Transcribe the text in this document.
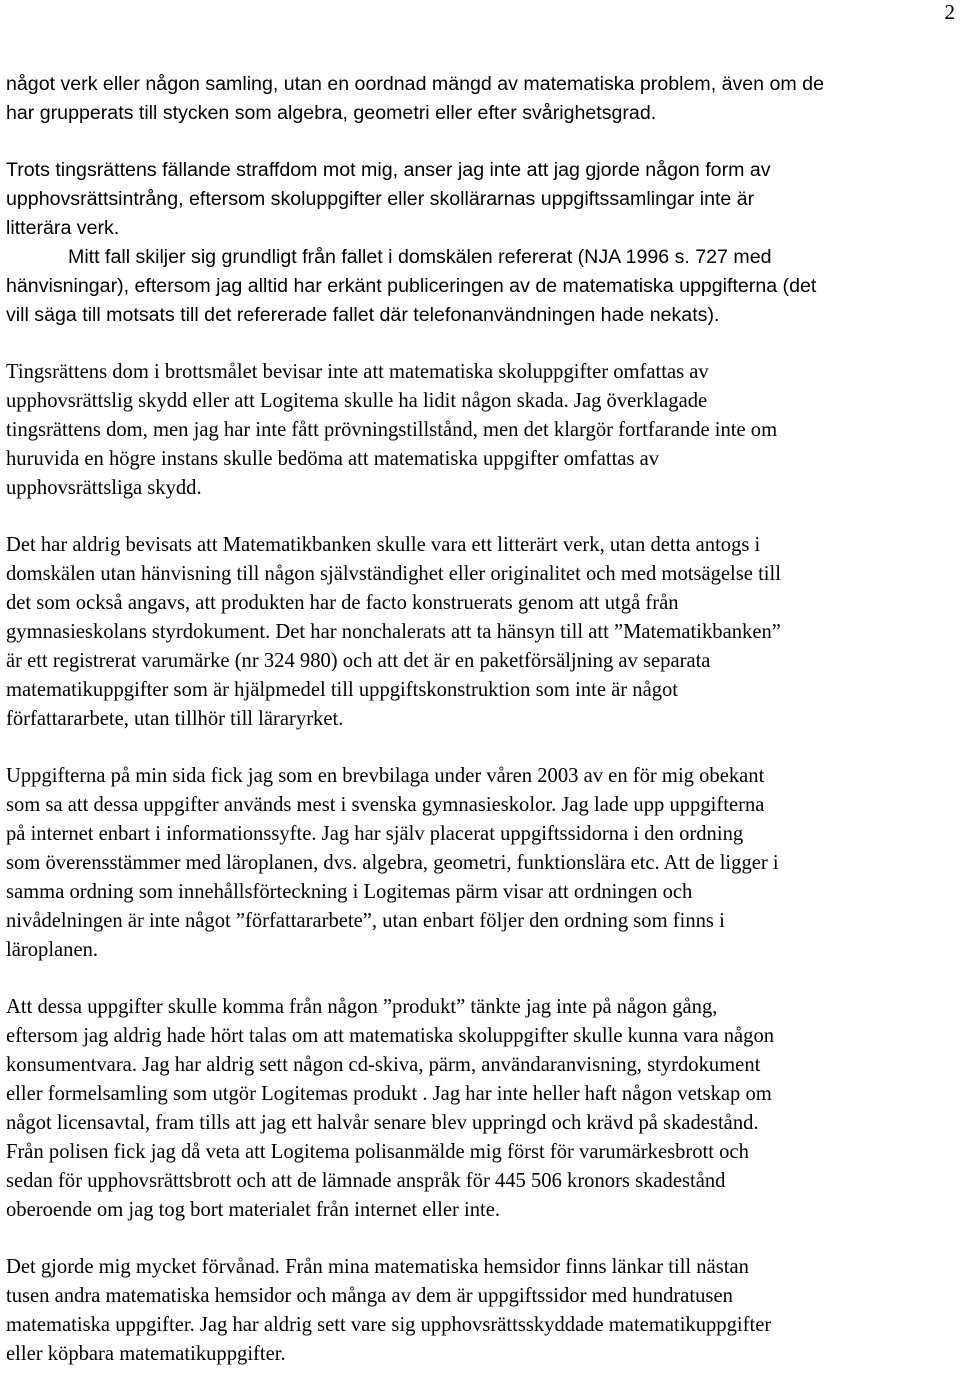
2

något verk eller någon samling, utan en oordnad mängd av matematiska problem, även om de
har grupperats till stycken som algebra, geometri eller efter svårighetsgrad.

Trots tingsrättens fällande straffdom mot mig, anser jag inte att jag gjorde någon form av
upphovsrättsintrång, eftersom skoluppgifter eller skollärarnas uppgiftssamlingar inte är
litterära verk.

Mitt fall skiljer sig grundligt från fallet i domskälen refererat (NJA 1996 s. 727 med
hänvisningar), eftersom jag alltid har erkänt publiceringen av de matematiska uppgifterna (det
vill säga till motsats till det refererade fallet där telefonanvändningen hade nekats).

Tingsrättens dom i brottsmålet bevisar inte att matematiska skoluppgifter omfattas av
upphovsrättslig skydd eller att Logitema skulle ha lidit någon skada. Jag överklagade
tingsrättens dom, men jag har inte fått prövningstillstånd, men det klargör fortfarande inte om
huruvida en högre instans skulle bedöma att matematiska uppgifter omfattas av
upphovsrättsliga skydd.

Det har aldrig bevisats att Matematikbanken skulle vara ett litterärt verk, utan detta antogs i
domskälen utan hänvisning till någon självständighet eller originalitet och med motsägelse till
det som också angavs, att produkten har de facto konstruerats genom att utgå från
gymnasieskolans styrdokument. Det har nonchalerats att ta hänsyn till att ”Matematikbanken”
är ett registrerat varumärke (nr 324 980) och att det är en paketförsäljning av separata
matematikuppgifter som är hjälpmedel till uppgiftskonstruktion som inte är något
författararbete, utan tillhör till läraryrket.

Uppgifterna på min sida fick jag som en brevbilaga under våren 2003 av en för mig obekant
som sa att dessa uppgifter används mest i svenska gymnasieskolor. Jag lade upp uppgifterna
på internet enbart i informationssyfte. Jag har själv placerat uppgiftssidorna i den ordning
som överensstämmer med läroplanen, dvs. algebra, geometri, funktionslära etc. Att de ligger i
samma ordning som innehållsförteckning i Logitemas pärm visar att ordningen och
nivådelningen är inte något ”författararbete”, utan enbart följer den ordning som finns i
läroplanen.

Att dessa uppgifter skulle komma från någon ”produkt” tänkte jag inte på någon gång,
eftersom jag aldrig hade hört talas om att matematiska skoluppgifter skulle kunna vara någon
konsumentvara. Jag har aldrig sett någon cd-skiva, pärm, användaranvisning, styrdokument
eller formelsamling som utgör Logitemas produkt . Jag har inte heller haft någon vetskap om
något licensavtal, fram tills att jag ett halvår senare blev uppringd och krävd på skadestånd.
Från polisen fick jag då veta att Logitema polisanmälde mig först för varumärkesbrott och
sedan för upphovsrättsbrott och att de lämnade anspråk för 445 506 kronors skadestånd
oberoende om jag tog bort materialet från internet eller inte.

Det gjorde mig mycket förvånad. Från mina matematiska hemsidor finns länkar till nästan
tusen andra matematiska hemsidor och många av dem är uppgiftssidor med hundratusen
matematiska uppgifter. Jag har aldrig sett vare sig upphovsrättsskyddade matematikuppgifter
eller köpbara matematikuppgifter.
